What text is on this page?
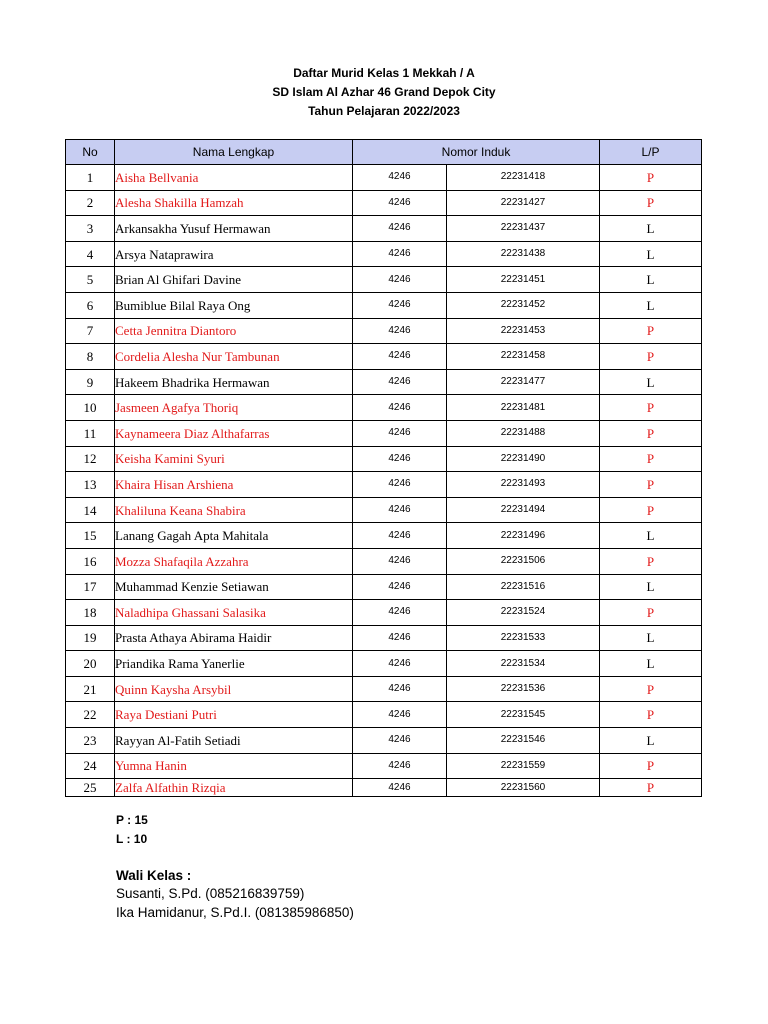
Daftar Murid Kelas 1 Mekkah / A
SD Islam Al Azhar 46 Grand Depok City
Tahun Pelajaran 2022/2023
No	Nama Lengkap	Nomor Induk		L/P
1	Aisha Bellvania	4246	22231418	P
2	Alesha Shakilla Hamzah	4246	22231427	P
3	Arkansakha Yusuf Hermawan	4246	22231437	L
4	Arsya Nataprawira	4246	22231438	L
5	Brian Al Ghifari Davine	4246	22231451	L
6	Bumiblue Bilal Raya Ong	4246	22231452	L
7	Cetta Jennitra Diantoro	4246	22231453	P
8	Cordelia Alesha Nur Tambunan	4246	22231458	P
9	Hakeem Bhadrika Hermawan	4246	22231477	L
10	Jasmeen Agafya Thoriq	4246	22231481	P
11	Kaynameera Diaz Althafarras	4246	22231488	P
12	Keisha Kamini Syuri	4246	22231490	P
13	Khaira Hisan Arshiena	4246	22231493	P
14	Khaliluna Keana Shabira	4246	22231494	P
15	Lanang Gagah Apta Mahitala	4246	22231496	L
16	Mozza Shafaqila Azzahra	4246	22231506	P
17	Muhammad Kenzie Setiawan	4246	22231516	L
18	Naladhipa Ghassani Salasika	4246	22231524	P
19	Prasta Athaya Abirama Haidir	4246	22231533	L
20	Priandika Rama Yanerlie	4246	22231534	L
21	Quinn Kaysha Arsybil	4246	22231536	P
22	Raya Destiani Putri	4246	22231545	P
23	Rayyan Al-Fatih Setiadi	4246	22231546	L
24	Yumna Hanin	4246	22231559	P
25	Zalfa Alfathin Rizqia	4246	22231560	P
P : 15
L : 10
Wali Kelas :
Susanti, S.Pd. (085216839759)
Ika Hamidanur, S.Pd.I. (081385986850)
